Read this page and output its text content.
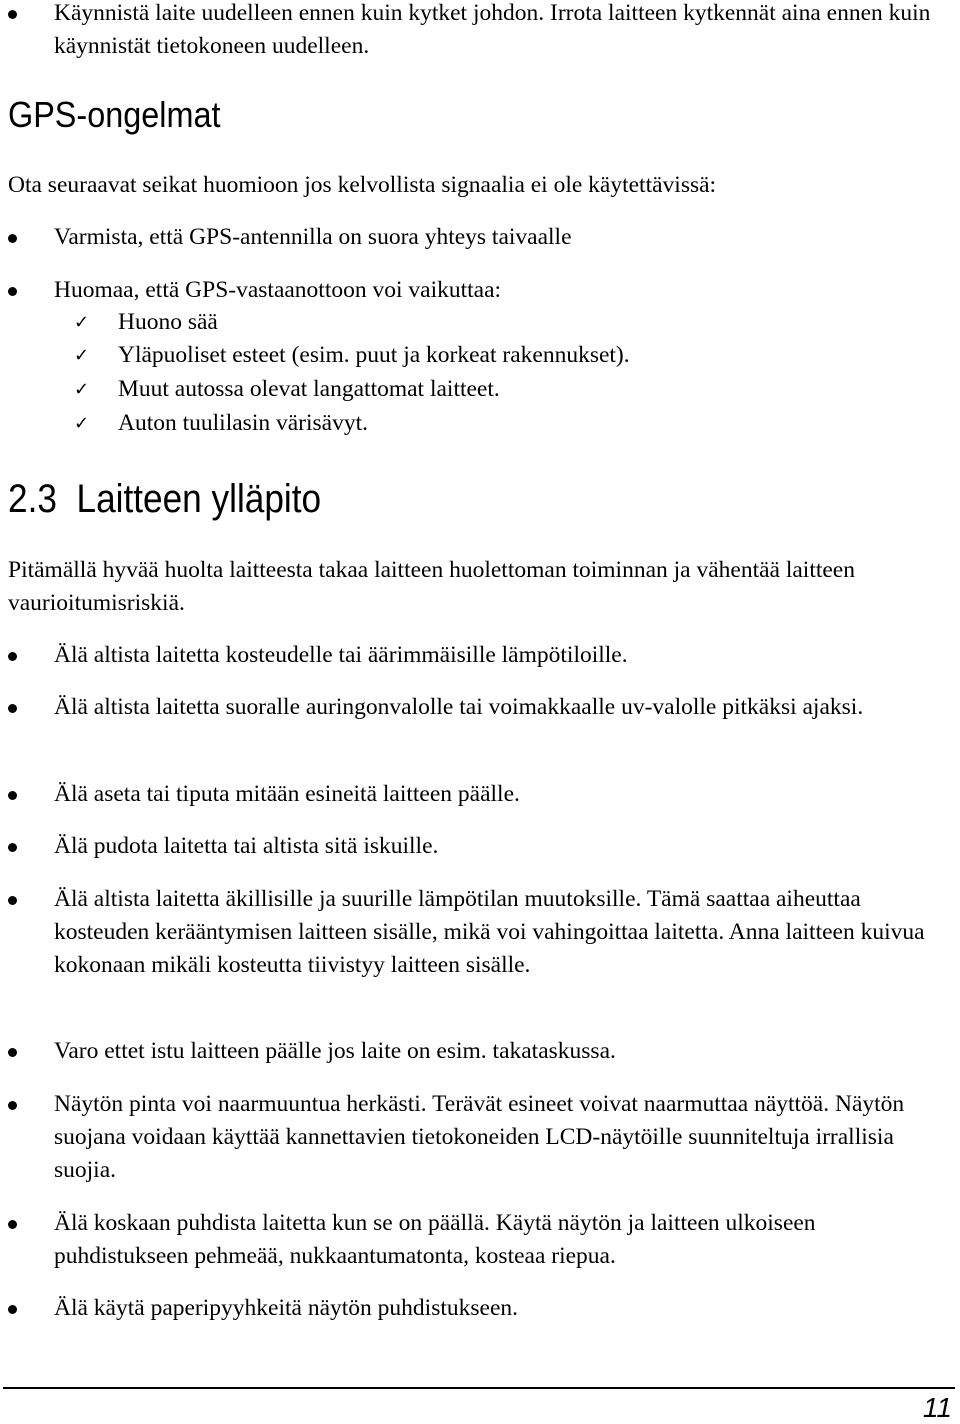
Käynnistä laite uudelleen ennen kuin kytket johdon. Irrota laitteen kytkennät aina ennen kuin käynnistät tietokoneen uudelleen.

GPS-ongelmat

Ota seuraavat seikat huomioon jos kelvollista signaalia ei ole käytettävissä:

Varmista, että GPS-antennilla on suora yhteys taivaalle

Huomaa, että GPS-vastaanottoon voi vaikuttaa:

✓ Huono sää

✓ Yläpuoliset esteet (esim. puut ja korkeat rakennukset).

✓ Muut autossa olevat langattomat laitteet.

✓ Auton tuulilasin värisävyt.

2.3  Laitteen ylläpito

Pitämällä hyvää huolta laitteesta takaa laitteen huolettoman toiminnan ja vähentää laitteen vaurioitumisriskiä.

Älä altista laitetta kosteudelle tai äärimmäisille lämpötiloille.

Älä altista laitetta suoralle auringonvalolle tai voimakkaalle uv-valolle pitkäksi ajaksi.

Älä aseta tai tiputa mitään esineitä laitteen päälle.

Älä pudota laitetta tai altista sitä iskuille.

Älä altista laitetta äkillisille ja suurille lämpötilan muutoksille. Tämä saattaa aiheuttaa kosteuden kerääntymisen laitteen sisälle, mikä voi vahingoittaa laitetta. Anna laitteen kuivua kokonaan mikäli kosteutta tiivistyy laitteen sisälle.

Varo ettet istu laitteen päälle jos laite on esim. takataskussa.

Näytön pinta voi naarmuuntua herkästi. Terävät esineet voivat naarmuttaa näyttöä. Näytön suojana voidaan käyttää kannettavien tietokoneiden LCD-näytöille suunniteltuja irrallisia suojia.

Älä koskaan puhdista laitetta kun se on päällä. Käytä näytön ja laitteen ulkoiseen puhdistukseen pehmeää, nukkaantumatonta, kosteaa riepua.

Älä käytä paperipyyhkeitä näytön puhdistukseen.

11
